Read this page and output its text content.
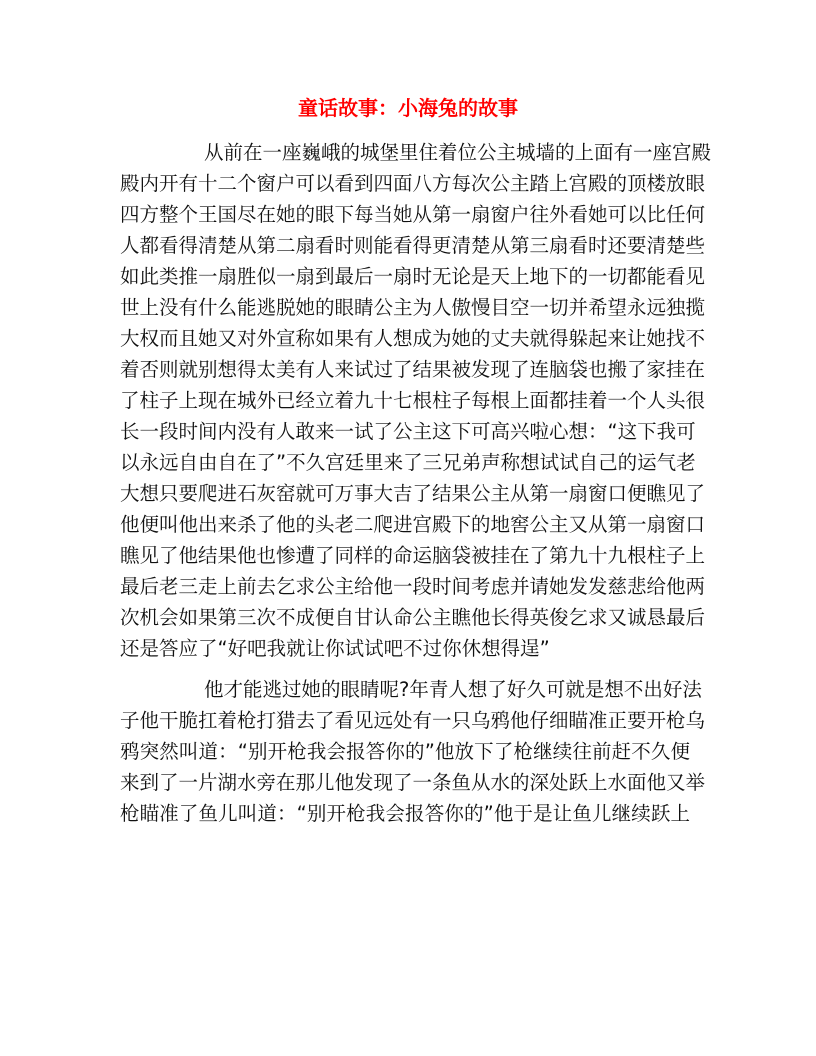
童话故事：小海兔的故事
从前在一座巍峨的城堡里住着位公主城墙的上面有一座宫殿
殿内开有十二个窗户可以看到四面八方每次公主踏上宫殿的顶楼放眼
四方整个王国尽在她的眼下每当她从第一扇窗户往外看她可以比任何
人都看得清楚从第二扇看时则能看得更清楚从第三扇看时还要清楚些
如此类推一扇胜似一扇到最后一扇时无论是天上地下的一切都能看见
世上没有什么能逃脱她的眼睛公主为人傲慢目空一切并希望永远独揽
大权而且她又对外宣称如果有人想成为她的丈夫就得躲起来让她找不
着否则就别想得太美有人来试过了结果被发现了连脑袋也搬了家挂在
了柱子上现在城外已经立着九十七根柱子每根上面都挂着一个人头很
长一段时间内没有人敢来一试了公主这下可高兴啦心想：“这下我可
以永远自由自在了”不久宫廷里来了三兄弟声称想试试自己的运气老
大想只要爬进石灰窑就可万事大吉了结果公主从第一扇窗口便瞧见了
他便叫他出来杀了他的头老二爬进宫殿下的地窖公主又从第一扇窗口
瞧见了他结果他也惨遭了同样的命运脑袋被挂在了第九十九根柱子上
最后老三走上前去乞求公主给他一段时间考虑并请她发发慈悲给他两
次机会如果第三次不成便自甘认命公主瞧他长得英俊乞求又诚恳最后
还是答应了“好吧我就让你试试吧不过你休想得逞”
他才能逃过她的眼睛呢?年青人想了好久可就是想不出好法
子他干脆扛着枪打猎去了看见远处有一只乌鸦他仔细瞄准正要开枪乌
鸦突然叫道：“别开枪我会报答你的”他放下了枪继续往前赶不久便
来到了一片湖水旁在那儿他发现了一条鱼从水的深处跃上水面他又举
枪瞄准了鱼儿叫道：“别开枪我会报答你的”他于是让鱼儿继续跃上
